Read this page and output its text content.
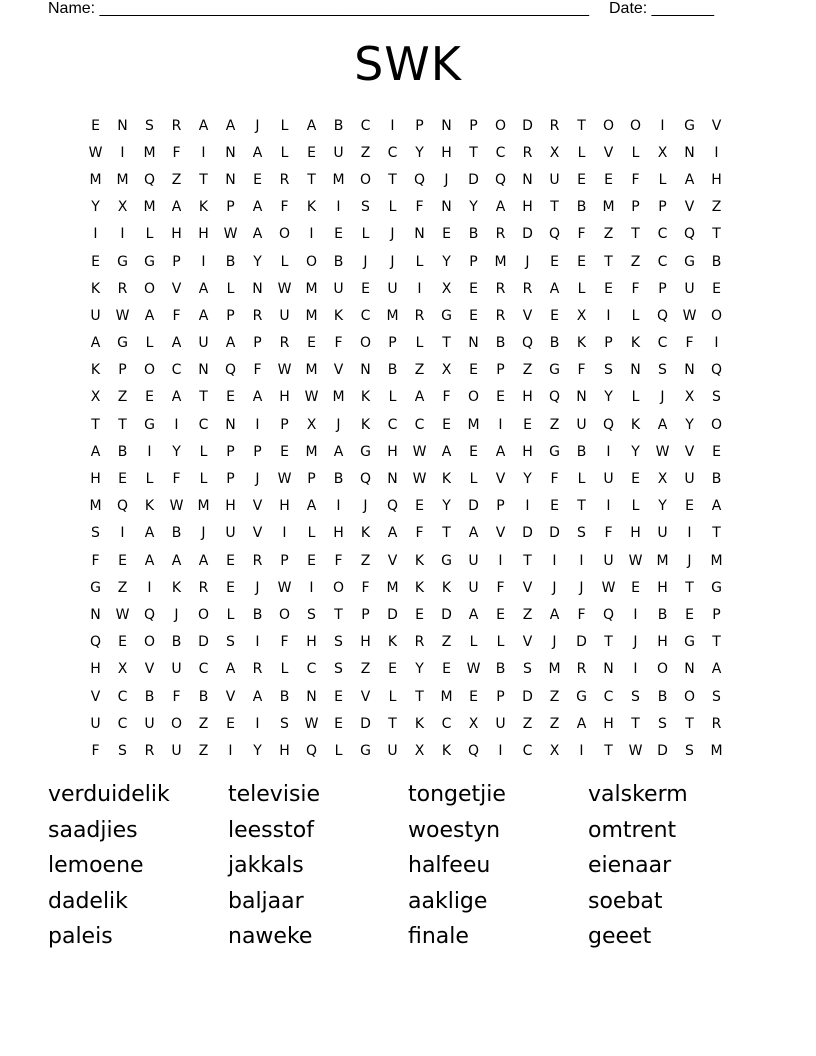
Name: _______________________________________________________ Date: _______
SWK
E	N	S	R	A	A	J	L	A	B	C	I	P	N	P	O	D	R	T	O	O	I	G	V
W	I	M	F	I	N	A	L	E	U	Z	C	Y	H	T	C	R	X	L	V	L	X	N	I
M	M	Q	Z	T	N	E	R	T	M	O	T	Q	J	D	Q	N	U	E	E	F	L	A	H
Y	X	M	A	K	P	A	F	K	I	S	L	F	N	Y	A	H	T	B	M	P	P	V	Z
I	I	L	H	H	W	A	O	I	E	L	J	N	E	B	R	D	Q	F	Z	T	C	Q	T
E	G	G	P	I	B	Y	L	O	B	J	J	L	Y	P	M	J	E	E	T	Z	C	G	B
K	R	O	V	A	L	N	W	M	U	E	U	I	X	E	R	R	A	L	E	F	P	U	E
U	W	A	F	A	P	R	U	M	K	C	M	R	G	E	R	V	E	X	I	L	Q	W	O
A	G	L	A	U	A	P	R	E	F	O	P	L	T	N	B	Q	B	K	P	K	C	F	I
K	P	O	C	N	Q	F	W	M	V	N	B	Z	X	E	P	Z	G	F	S	N	S	N	Q
X	Z	E	A	T	E	A	H	W	M	K	L	A	F	O	E	H	Q	N	Y	L	J	X	S
T	T	G	I	C	N	I	P	X	J	K	C	C	E	M	I	E	Z	U	Q	K	A	Y	O
A	B	I	Y	L	P	P	E	M	A	G	H	W	A	E	A	H	G	B	I	Y	W	V	E
H	E	L	F	L	P	J	W	P	B	Q	N	W	K	L	V	Y	F	L	U	E	X	U	B
M	Q	K	W	M	H	V	H	A	I	J	Q	E	Y	D	P	I	E	T	I	L	Y	E	A
S	I	A	B	J	U	V	I	L	H	K	A	F	T	A	V	D	D	S	F	H	U	I	T
F	E	A	A	A	E	R	P	E	F	Z	V	K	G	U	I	T	I	I	U	W	M	J	M
G	Z	I	K	R	E	J	W	I	O	F	M	K	K	U	F	V	J	J	W	E	H	T	G
N	W	Q	J	O	L	B	O	S	T	P	D	E	D	A	E	Z	A	F	Q	I	B	E	P
Q	E	O	B	D	S	I	F	H	S	H	K	R	Z	L	L	V	J	D	T	J	H	G	T
H	X	V	U	C	A	R	L	C	S	Z	E	Y	E	W	B	S	M	R	N	I	O	N	A
V	C	B	F	B	V	A	B	N	E	V	L	T	M	E	P	D	Z	G	C	S	B	O	S
U	C	U	O	Z	E	I	S	W	E	D	T	K	C	X	U	Z	Z	A	H	T	S	T	R
F	S	R	U	Z	I	Y	H	Q	L	G	U	X	K	Q	I	C	X	I	T	W	D	S	M
verduidelik	televisie	tongetjie	valskerm
saadjies	leesstof	woestyn	omtrent
lemoene	jakkals	halfeeu	eienaar
dadelik	baljaar	aaklige	soebat
paleis	naweke	finale	geeet
